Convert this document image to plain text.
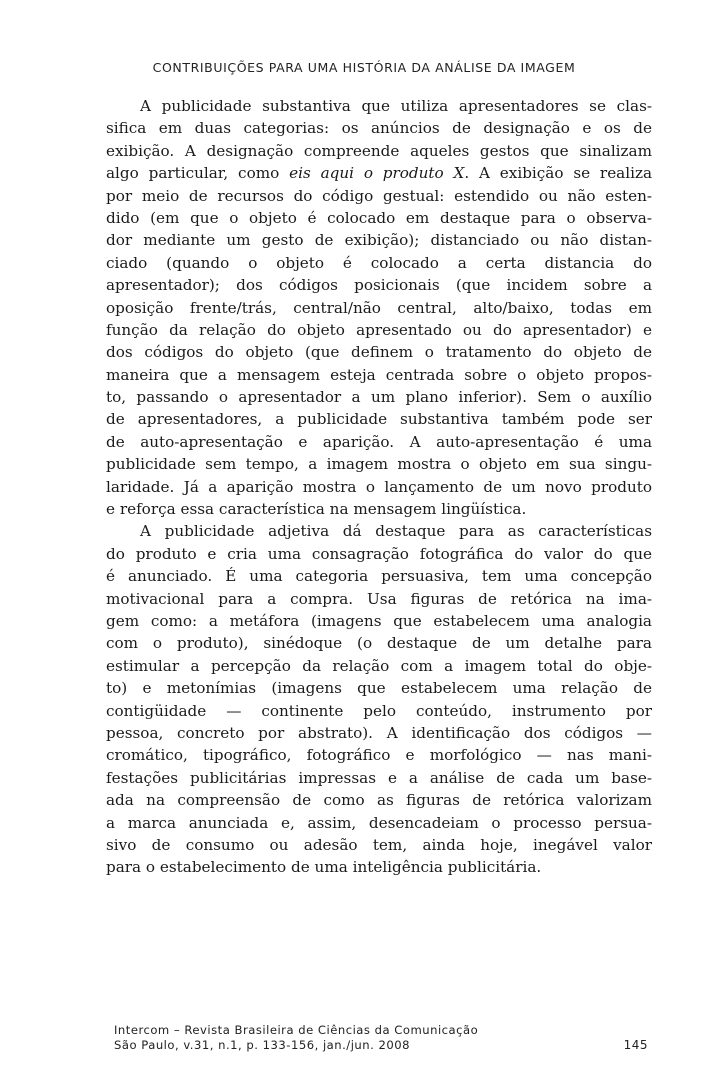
CONTRIBUIÇÕES PARA UMA HISTÓRIA DA ANÁLISE DA IMAGEM
A publicidade substantiva que utiliza apresentadores se clas-
sifica em duas categorias: os anúncios de designação e os de
exibição. A designação compreende aqueles gestos que sinalizam
algo particular, como eis aqui o produto X. A exibição se realiza
por meio de recursos do código gestual: estendido ou não esten-
dido (em que o objeto é colocado em destaque para o observa-
dor mediante um gesto de exibição); distanciado ou não distan-
ciado (quando o objeto é colocado a certa distancia do
apresentador); dos códigos posicionais (que incidem sobre a
oposição frente/trás, central/não central, alto/baixo, todas em
função da relação do objeto apresentado ou do apresentador) e
dos códigos do objeto (que definem o tratamento do objeto de
maneira que a mensagem esteja centrada sobre o objeto propos-
to, passando o apresentador a um plano inferior). Sem o auxílio
de apresentadores, a publicidade substantiva também pode ser
de auto-apresentação e aparição. A auto-apresentação é uma
publicidade sem tempo, a imagem mostra o objeto em sua singu-
laridade. Já a aparição mostra o lançamento de um novo produto
e reforça essa característica na mensagem lingüística.
A publicidade adjetiva dá destaque para as características
do produto e cria uma consagração fotográfica do valor do que
é anunciado. É uma categoria persuasiva, tem uma concepção
motivacional para a compra. Usa figuras de retórica na ima-
gem como: a metáfora (imagens que estabelecem uma analogia
com o produto), sinédoque (o destaque de um detalhe para
estimular a percepção da relação com a imagem total do obje-
to) e metonímias (imagens que estabelecem uma relação de
contigüidade — continente pelo conteúdo, instrumento por
pessoa, concreto por abstrato). A identificação dos códigos —
cromático, tipográfico, fotográfico e morfológico — nas mani-
festações publicitárias impressas e a análise de cada um base-
ada na compreensão de como as figuras de retórica valorizam
a marca anunciada e, assim, desencadeiam o processo persua-
sivo de consumo ou adesão tem, ainda hoje, inegável valor
para o estabelecimento de uma inteligência publicitária.
Intercom – Revista Brasileira de Ciências da Comunicação
São Paulo, v.31, n.1, p. 133-156, jan./jun. 2008	145
